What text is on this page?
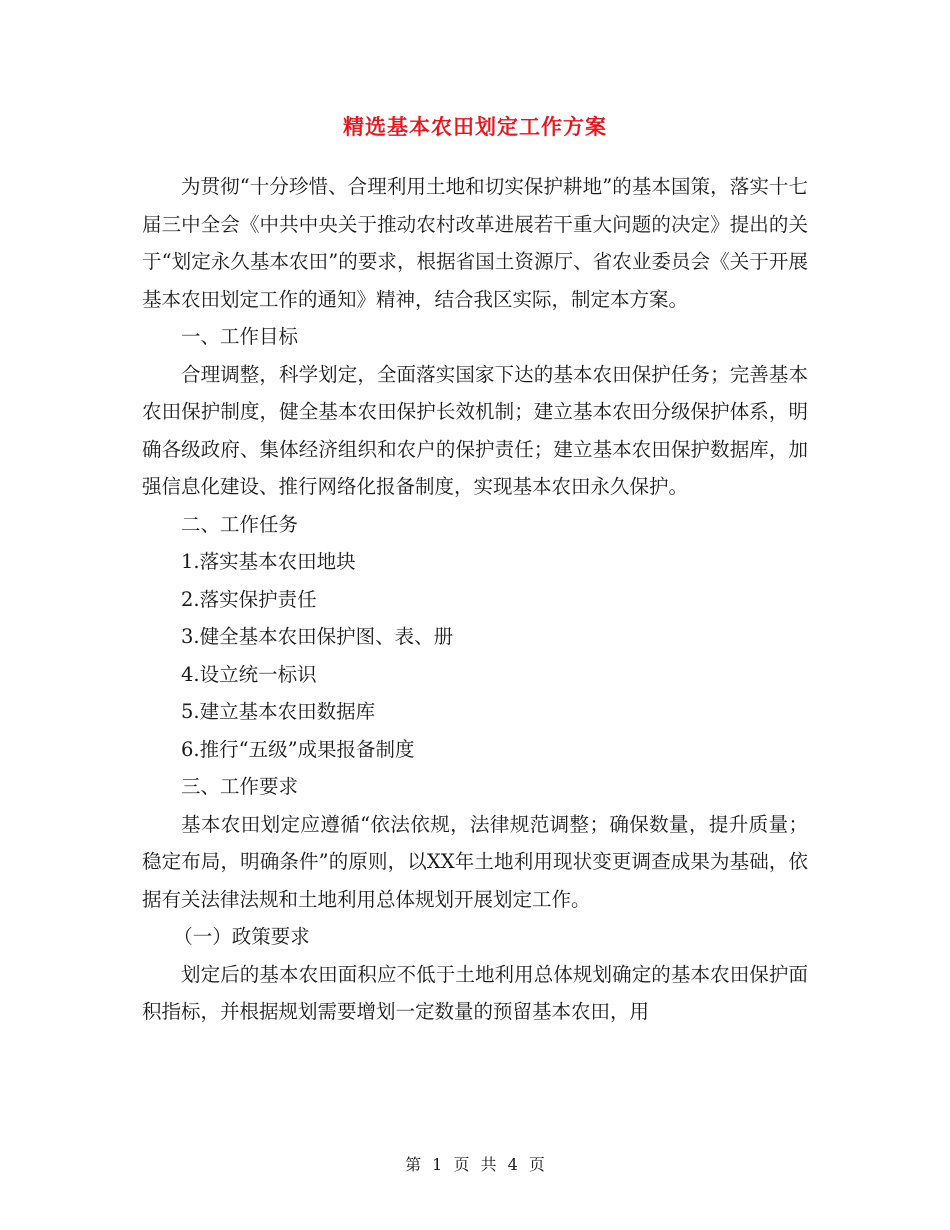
精选基本农田划定工作方案

为贯彻“十分珍惜、合理利用土地和切实保护耕地”的基本国策，落实十七届三中全会《中共中央关于推动农村改革进展若干重大问题的决定》提出的关于“划定永久基本农田”的要求，根据省国土资源厅、省农业委员会《关于开展基本农田划定工作的通知》精神，结合我区实际，制定本方案。

一、工作目标

合理调整，科学划定，全面落实国家下达的基本农田保护任务；完善基本农田保护制度，健全基本农田保护长效机制；建立基本农田分级保护体系，明确各级政府、集体经济组织和农户的保护责任；建立基本农田保护数据库，加强信息化建设、推行网络化报备制度，实现基本农田永久保护。

二、工作任务

1.落实基本农田地块

2.落实保护责任

3.健全基本农田保护图、表、册

4.设立统一标识

5.建立基本农田数据库

6.推行“五级”成果报备制度

三、工作要求

基本农田划定应遵循“依法依规，法律规范调整；确保数量，提升质量；稳定布局，明确条件”的原则，以XX年土地利用现状变更调查成果为基础，依据有关法律法规和土地利用总体规划开展划定工作。

（一）政策要求

划定后的基本农田面积应不低于土地利用总体规划确定的基本农田保护面积指标，并根据规划需要增划一定数量的预留基本农田，用

第 1 页 共 4 页
